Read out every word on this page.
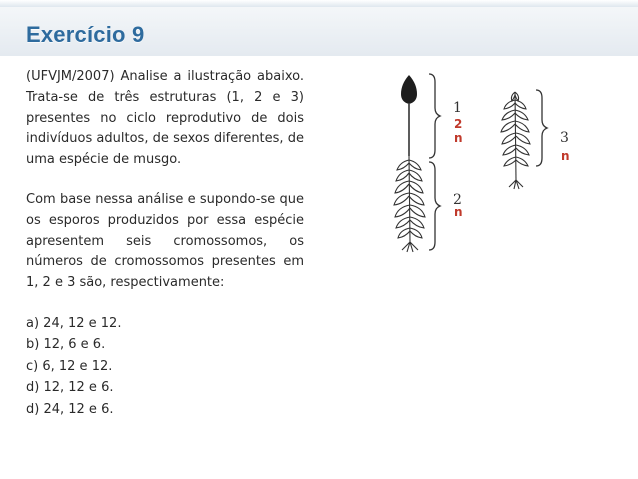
Exercício 9

(UFVJM/2007) Analise a ilustração abaixo. Trata-se de três estruturas (1, 2 e 3) presentes no ciclo reprodutivo de dois indivíduos adultos, de sexos diferentes, de uma espécie de musgo.

Com base nessa análise e supondo-se que os esporos produzidos por essa espécie apresentem seis cromossomos, os números de cromossomos presentes em 1, 2 e 3 são, respectivamente:

a) 24, 12 e 12.
b) 12, 6 e 6.
c) 6, 12 e 12.
d) 12, 12 e 6.
d) 24, 12 e 6.
1
2
n
2
n
3
n
